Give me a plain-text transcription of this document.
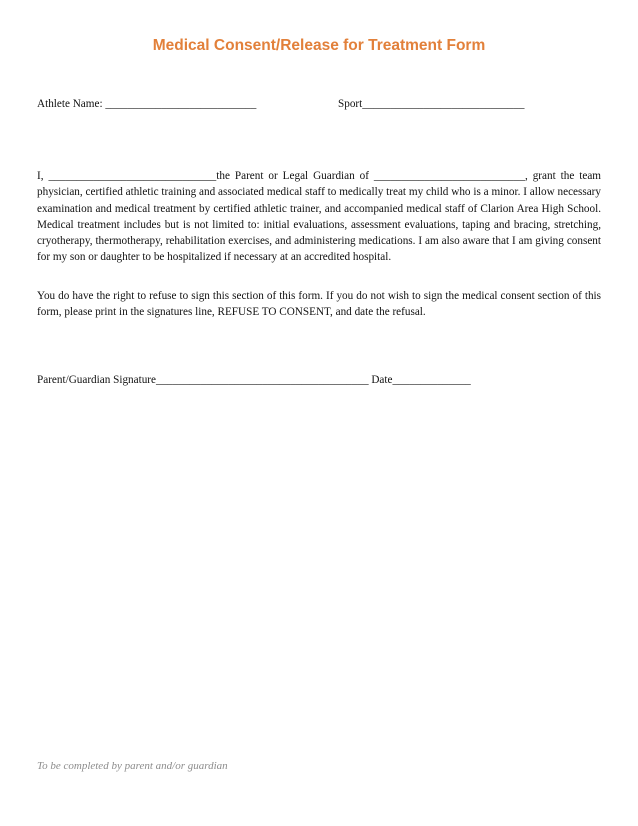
Medical Consent/Release for Treatment Form
Athlete Name: ___________________________	Sport_____________________________
I, ______________________________the Parent or Legal Guardian of ___________________________, grant the team physician, certified athletic training and associated medical staff to medically treat my child who is a minor. I allow necessary examination and medical treatment by certified athletic trainer, and accompanied medical staff of Clarion Area High School. Medical treatment includes but is not limited to: initial evaluations, assessment evaluations, taping and bracing, stretching, cryotherapy, thermotherapy, rehabilitation exercises, and administering medications. I am also aware that I am giving consent for my son or daughter to be hospitalized if necessary at an accredited hospital.
You do have the right to refuse to sign this section of this form. If you do not wish to sign the medical consent section of this form, please print in the signatures line, REFUSE TO CONSENT, and date the refusal.
Parent/Guardian Signature______________________________________ Date______________
To be completed by parent and/or guardian
